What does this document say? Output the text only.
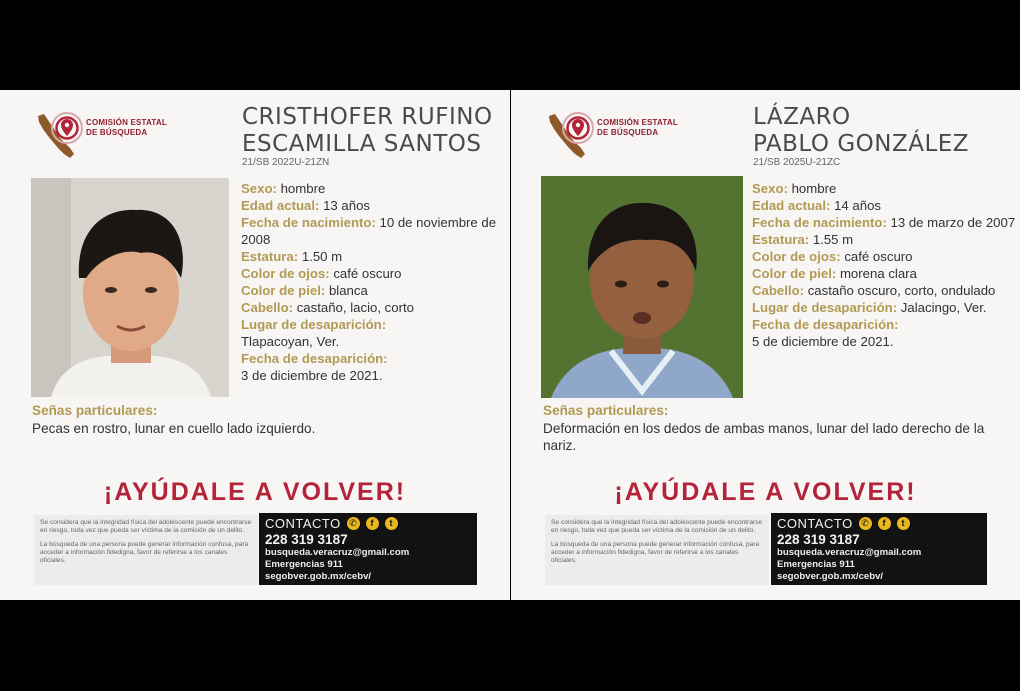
COMISIÓN ESTATAL
DE BÚSQUEDA
CRISTHOFER RUFINO
ESCAMILLA SANTOS
21/SB 2022U-21ZN

Sexo: hombre

Edad actual: 13 años

Fecha de nacimiento: 10 de noviembre de 2008

Estatura: 1.50 m

Color de ojos: café oscuro

Color de piel: blanca

Cabello: castaño, lacio, corto

Lugar de desaparición:

Tlapacoyan, Ver.

Fecha de desaparición:

3 de diciembre de 2021.

Señas particulares:

Pecas en rostro, lunar en cuello lado izquierdo.

¡AYÚDALE A VOLVER!

Se considera que la integridad física del adolescente puede encontrarse en riesgo, toda vez que pueda ser víctima de la comisión de un delito.

La búsqueda de una persona puede generar información confusa, para acceder a información fidedigna, favor de referirse a los canales oficiales.

CONTACTO ✆	f	t
228 319 3187
busqueda.veracruz@gmail.com
Emergencias 911
segobver.gob.mx/cebv/
COMISIÓN ESTATAL
DE BÚSQUEDA
LÁZARO
PABLO GONZÁLEZ
21/SB 2025U-21ZC

Sexo: hombre

Edad actual: 14 años

Fecha de nacimiento: 13 de marzo de 2007

Estatura: 1.55 m

Color de ojos: café oscuro

Color de piel: morena clara

Cabello: castaño oscuro, corto, ondulado

Lugar de desaparición: Jalacingo, Ver.

Fecha de desaparición:

5 de diciembre de 2021.

Señas particulares:

Deformación en los dedos de ambas manos, lunar del lado derecho de la nariz.

¡AYÚDALE A VOLVER!

Se considera que la integridad física del adolescente puede encontrarse en riesgo, toda vez que pueda ser víctima de la comisión de un delito.

La búsqueda de una persona puede generar información confusa, para acceder a información fidedigna, favor de referirse a los canales oficiales.

CONTACTO ✆	f	t
228 319 3187
busqueda.veracruz@gmail.com
Emergencias 911
segobver.gob.mx/cebv/
